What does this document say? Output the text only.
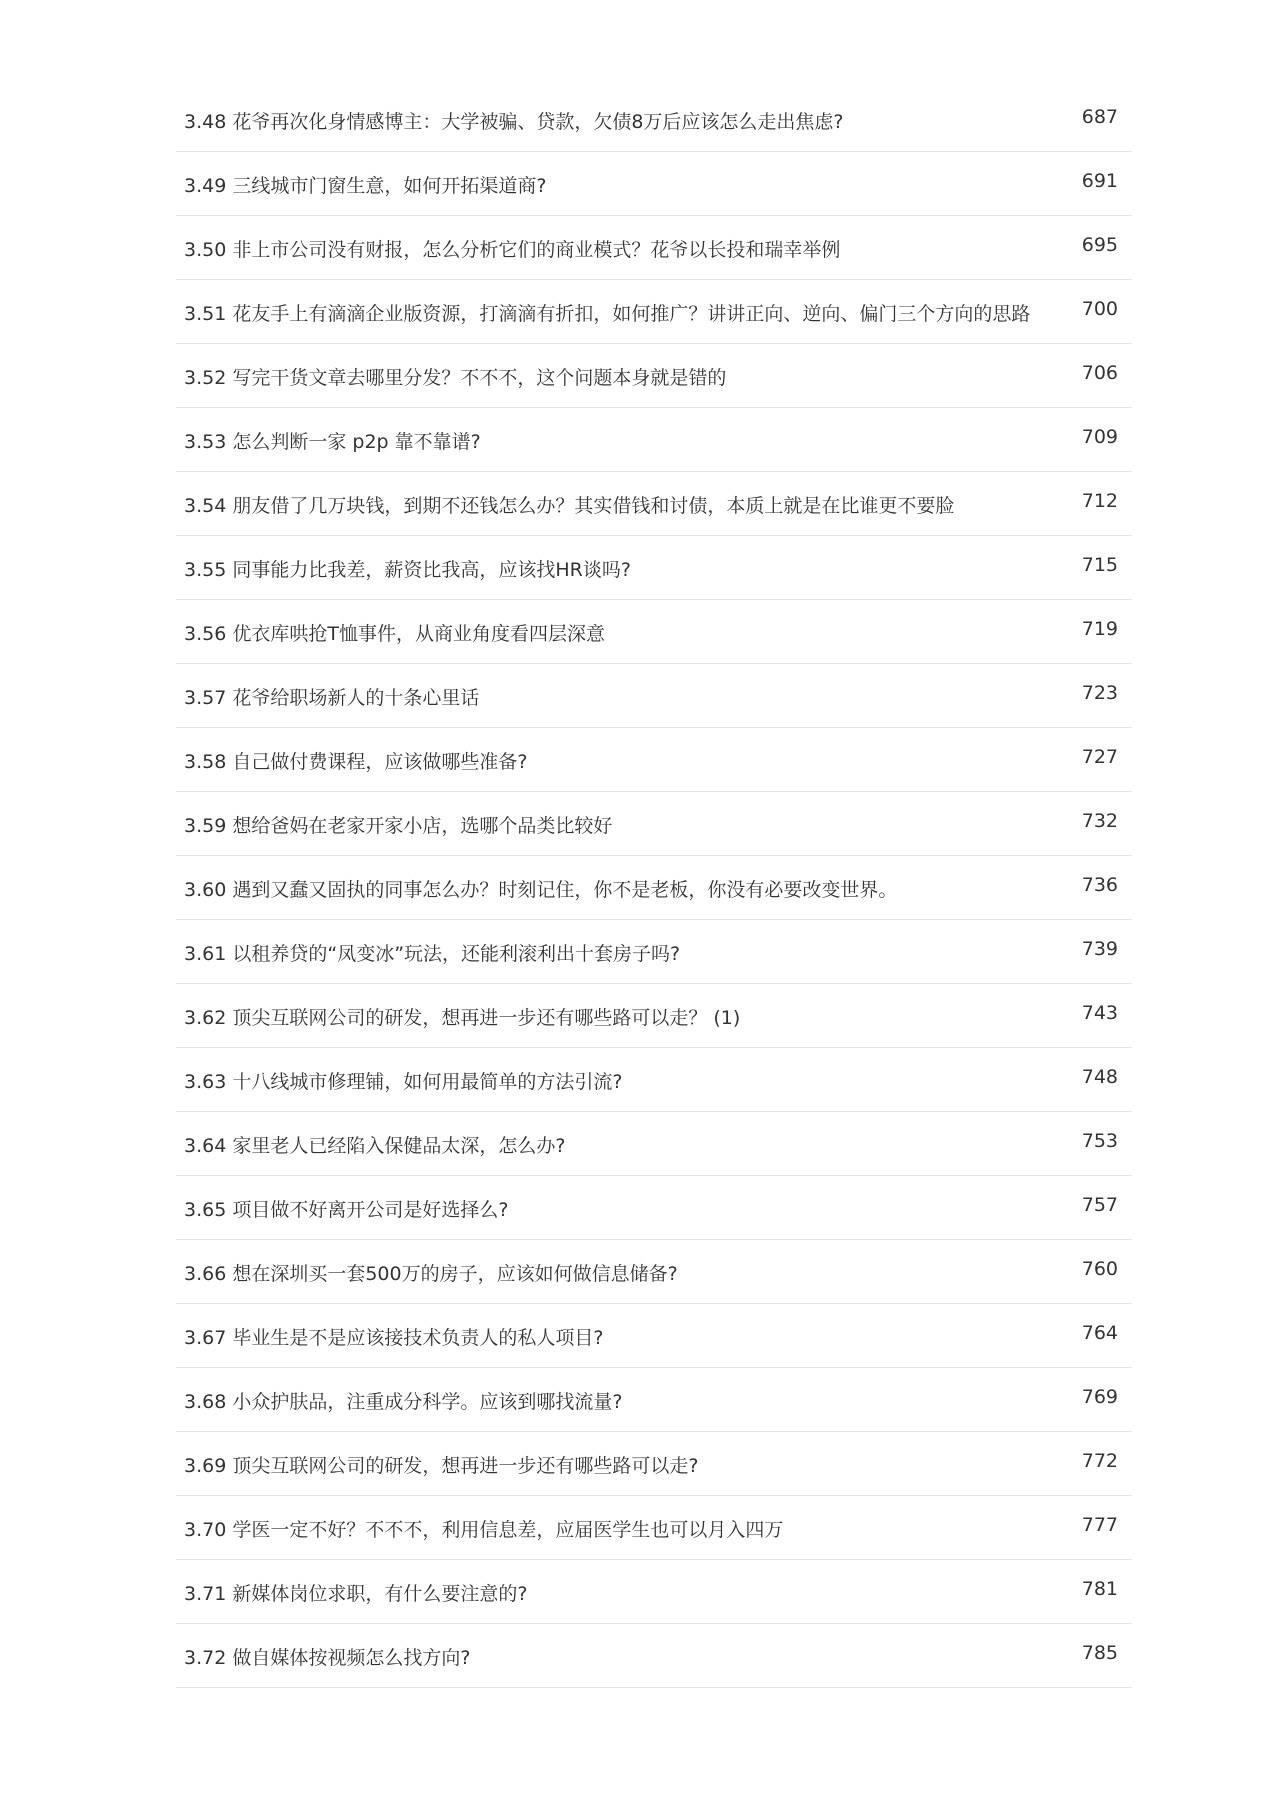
3.48 花爷再次化身情感博主：大学被骗、贷款，欠债8万后应该怎么走出焦虑?	687
3.49 三线城市门窗生意，如何开拓渠道商?	691
3.50 非上市公司没有财报，怎么分析它们的商业模式？花爷以长投和瑞幸举例	695
3.51 花友手上有滴滴企业版资源，打滴滴有折扣，如何推广？讲讲正向、逆向、偏门三个方向的思路	700
3.52 写完干货文章去哪里分发？不不不，这个问题本身就是错的	706
3.53 怎么判断一家 p2p 靠不靠谱?	709
3.54 朋友借了几万块钱，到期不还钱怎么办？其实借钱和讨债，本质上就是在比谁更不要脸	712
3.55 同事能力比我差，薪资比我高，应该找HR谈吗?	715
3.56 优衣库哄抢T恤事件，从商业角度看四层深意	719
3.57 花爷给职场新人的十条心里话	723
3.58 自己做付费课程，应该做哪些准备?	727
3.59 想给爸妈在老家开家小店，选哪个品类比较好	732
3.60 遇到又蠢又固执的同事怎么办？时刻记住，你不是老板，你没有必要改变世界。	736
3.61 以租养贷的“凤变冰”玩法，还能利滚利出十套房子吗?	739
3.62 顶尖互联网公司的研发，想再进一步还有哪些路可以走？ (1)	743
3.63 十八线城市修理铺，如何用最简单的方法引流?	748
3.64 家里老人已经陷入保健品太深，怎么办?	753
3.65 项目做不好离开公司是好选择么?	757
3.66 想在深圳买一套500万的房子，应该如何做信息储备?	760
3.67 毕业生是不是应该接技术负责人的私人项目?	764
3.68 小众护肤品，注重成分科学。应该到哪找流量?	769
3.69 顶尖互联网公司的研发，想再进一步还有哪些路可以走?	772
3.70 学医一定不好？不不不，利用信息差，应届医学生也可以月入四万	777
3.71 新媒体岗位求职，有什么要注意的?	781
3.72 做自媒体按视频怎么找方向?	785
